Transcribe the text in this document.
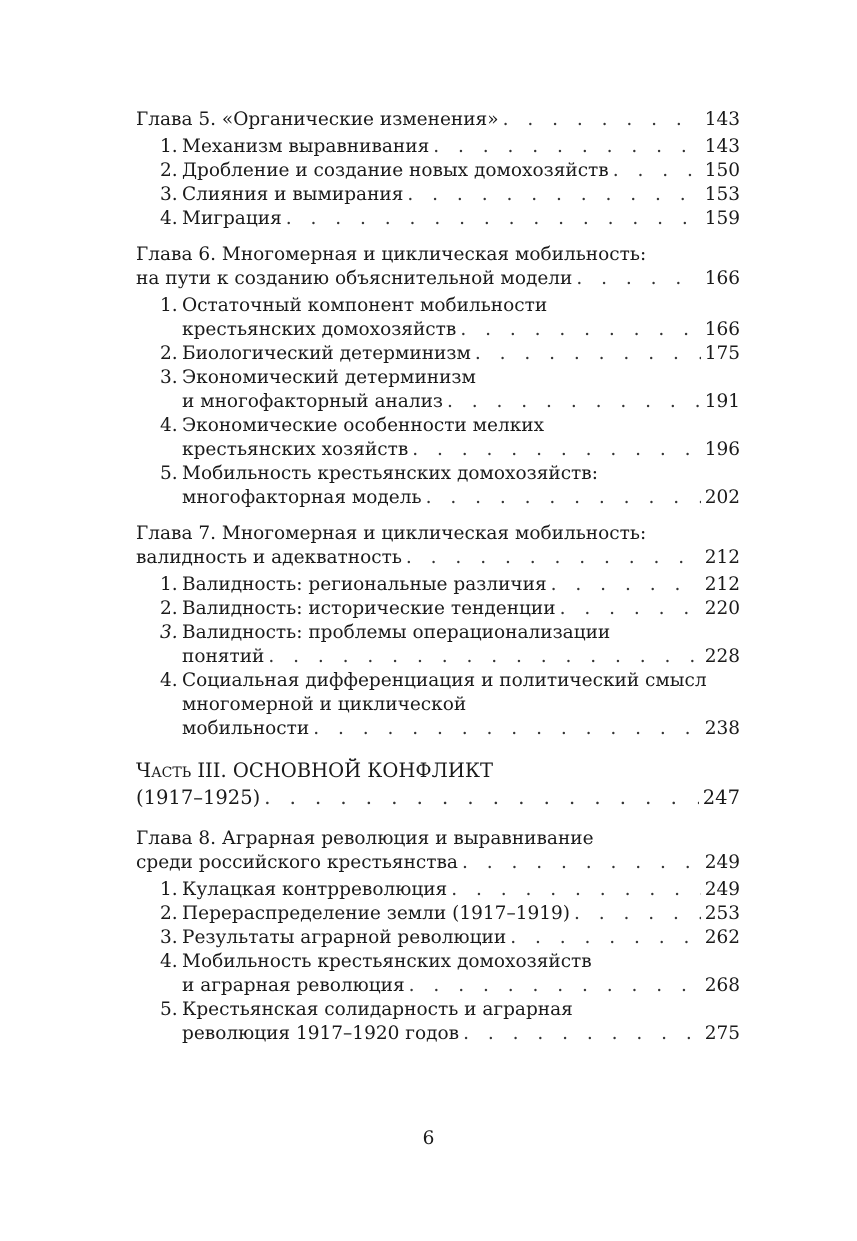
Глава 5. «Органические изменения» . . .	143
1. Механизм выравнивания . . .	143
2. Дробление и создание новых домохозяйств . . .	150
3. Слияния и вымирания . . .	153
4. Миграция . . .	159
Глава 6. Многомерная и циклическая мобильность:
на пути к созданию объяснительной модели . . .	166
1. Остаточный компонент мобильности
крестьянских домохозяйств . . .	166
2. Биологический детерминизм . . .	175
3. Экономический детерминизм
и многофакторный анализ . . .	191
4. Экономические особенности мелких
крестьянских хозяйств . . .	196
5. Мобильность крестьянских домохозяйств:
многофакторная модель . . .	202
Глава 7. Многомерная и циклическая мобильность:
валидность и адекватность . . .	212
1. Валидность: региональные различия . . .	212
2. Валидность: исторические тенденции . . .	220
3. Валидность: проблемы операционализации
понятий . . .	228
4. Социальная дифференциация и политический смысл
многомерной и циклической
мобильности . . .	238
Часть III. ОСНОВНОЙ КОНФЛИКТ
(1917–1925) . . .	247
Глава 8. Аграрная революция и выравнивание
среди российского крестьянства . . .	249
1. Кулацкая контрреволюция . . .	249
2. Перераспределение земли (1917–1919) . . .	253
3. Результаты аграрной революции . . .	262
4. Мобильность крестьянских домохозяйств
и аграрная революция . . .	268
5. Крестьянская солидарность и аграрная
революция 1917–1920 годов . . .	275
6
